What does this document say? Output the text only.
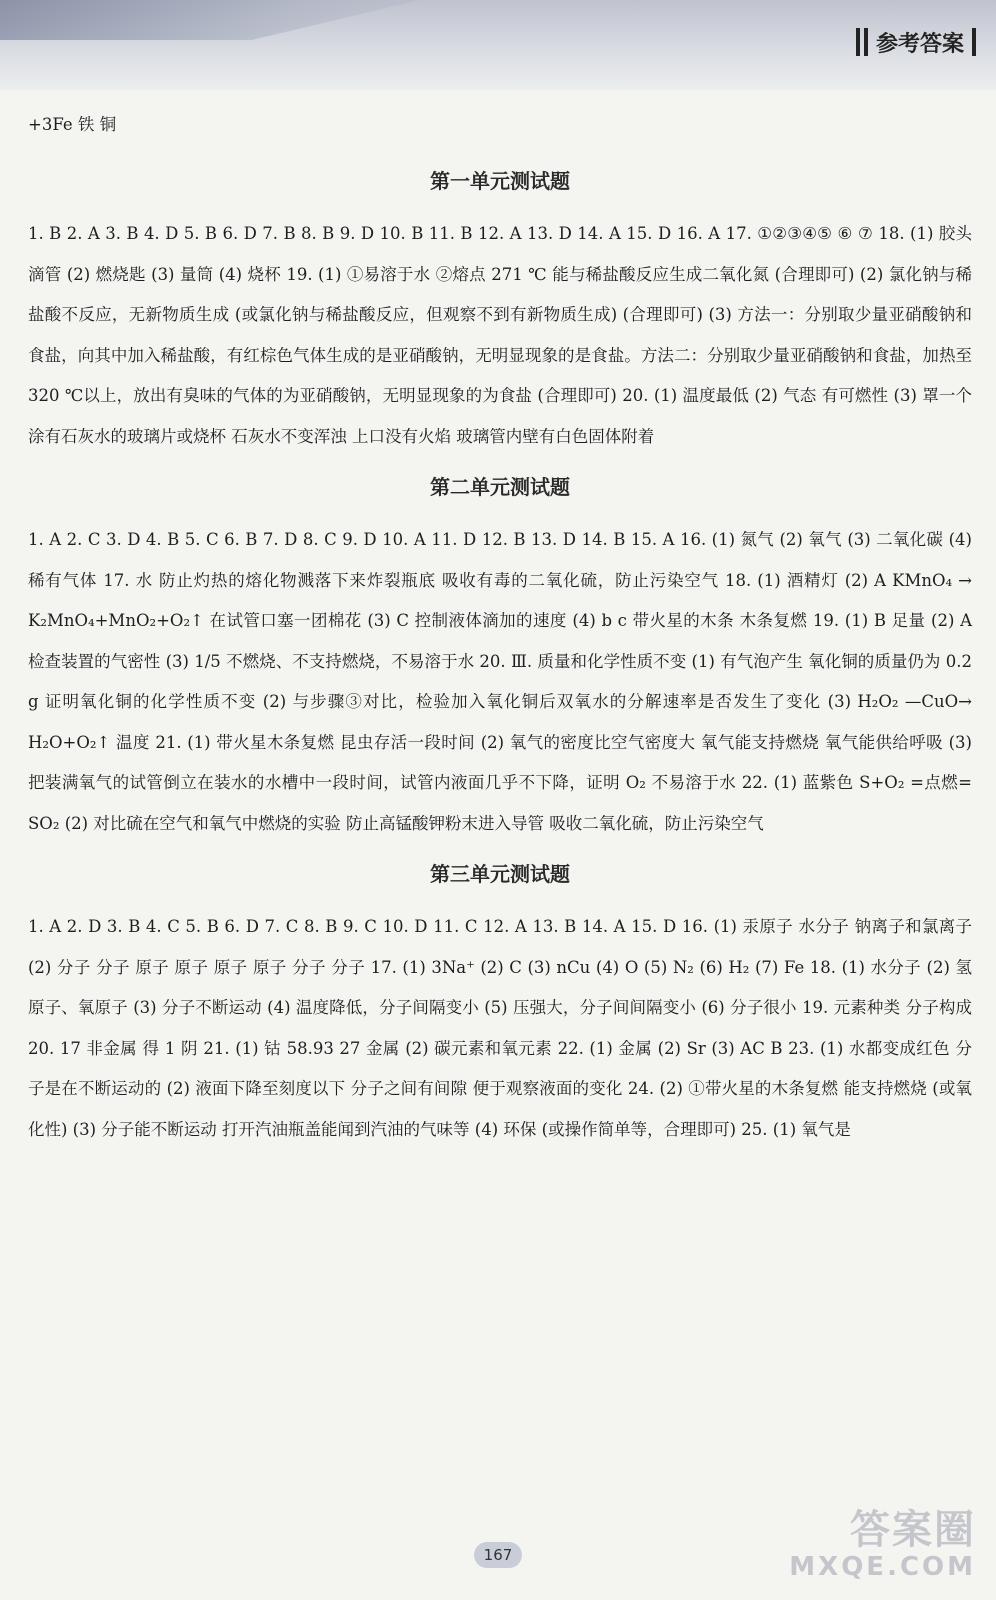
参考答案
+3Fe 铁 铜
第一单元测试题

1. B 2. A 3. B 4. D 5. B 6. D 7. B 8. B 9. D 10. B 11. B 12. A 13. D 14. A 15. D 16. A 17. ①②③④⑤ ⑥ ⑦ 18. (1) 胶头滴管 (2) 燃烧匙 (3) 量筒 (4) 烧杯 19. (1) ①易溶于水 ②熔点 271 ℃ 能与稀盐酸反应生成二氧化氮 (合理即可) (2) 氯化钠与稀盐酸不反应，无新物质生成 (或氯化钠与稀盐酸反应，但观察不到有新物质生成) (合理即可) (3) 方法一：分别取少量亚硝酸钠和食盐，向其中加入稀盐酸，有红棕色气体生成的是亚硝酸钠，无明显现象的是食盐。方法二：分别取少量亚硝酸钠和食盐，加热至 320 ℃以上，放出有臭味的气体的为亚硝酸钠，无明显现象的为食盐 (合理即可) 20. (1) 温度最低 (2) 气态 有可燃性 (3) 罩一个涂有石灰水的玻璃片或烧杯 石灰水不变浑浊 上口没有火焰 玻璃管内壁有白色固体附着

第二单元测试题

1. A 2. C 3. D 4. B 5. C 6. B 7. D 8. C 9. D 10. A 11. D 12. B 13. D 14. B 15. A 16. (1) 氮气 (2) 氧气 (3) 二氧化碳 (4) 稀有气体 17. 水 防止灼热的熔化物溅落下来炸裂瓶底 吸收有毒的二氧化硫，防止污染空气 18. (1) 酒精灯 (2) A KMnO₄ → K₂MnO₄+MnO₂+O₂↑ 在试管口塞一团棉花 (3) C 控制液体滴加的速度 (4) b c 带火星的木条 木条复燃 19. (1) B 足量 (2) A 检查装置的气密性 (3) 1/5 不燃烧、不支持燃烧，不易溶于水 20. Ⅲ. 质量和化学性质不变 (1) 有气泡产生 氧化铜的质量仍为 0.2 g 证明氧化铜的化学性质不变 (2) 与步骤③对比，检验加入氧化铜后双氧水的分解速率是否发生了变化 (3) H₂O₂ —CuO→ H₂O+O₂↑ 温度 21. (1) 带火星木条复燃 昆虫存活一段时间 (2) 氧气的密度比空气密度大 氧气能支持燃烧 氧气能供给呼吸 (3) 把装满氧气的试管倒立在装水的水槽中一段时间，试管内液面几乎不下降，证明 O₂ 不易溶于水 22. (1) 蓝紫色 S+O₂ =点燃= SO₂ (2) 对比硫在空气和氧气中燃烧的实验 防止高锰酸钾粉末进入导管 吸收二氧化硫，防止污染空气

第三单元测试题

1. A 2. D 3. B 4. C 5. B 6. D 7. C 8. B 9. C 10. D 11. C 12. A 13. B 14. A 15. D 16. (1) 汞原子 水分子 钠离子和氯离子 (2) 分子 分子 原子 原子 原子 原子 分子 分子 17. (1) 3Na⁺ (2) C (3) nCu (4) O (5) N₂ (6) H₂ (7) Fe 18. (1) 水分子 (2) 氢原子、氧原子 (3) 分子不断运动 (4) 温度降低，分子间隔变小 (5) 压强大，分子间间隔变小 (6) 分子很小 19. 元素种类 分子构成 20. 17 非金属 得 1 阴 21. (1) 钴 58.93 27 金属 (2) 碳元素和氧元素 22. (1) 金属 (2) Sr (3) AC B 23. (1) 水都变成红色 分子是在不断运动的 (2) 液面下降至刻度以下 分子之间有间隙 便于观察液面的变化 24. (2) ①带火星的木条复燃 能支持燃烧 (或氧化性) (3) 分子能不断运动 打开汽油瓶盖能闻到汽油的气味等 (4) 环保 (或操作简单等，合理即可) 25. (1) 氧气是

167
答案圈
MXQE.COM
